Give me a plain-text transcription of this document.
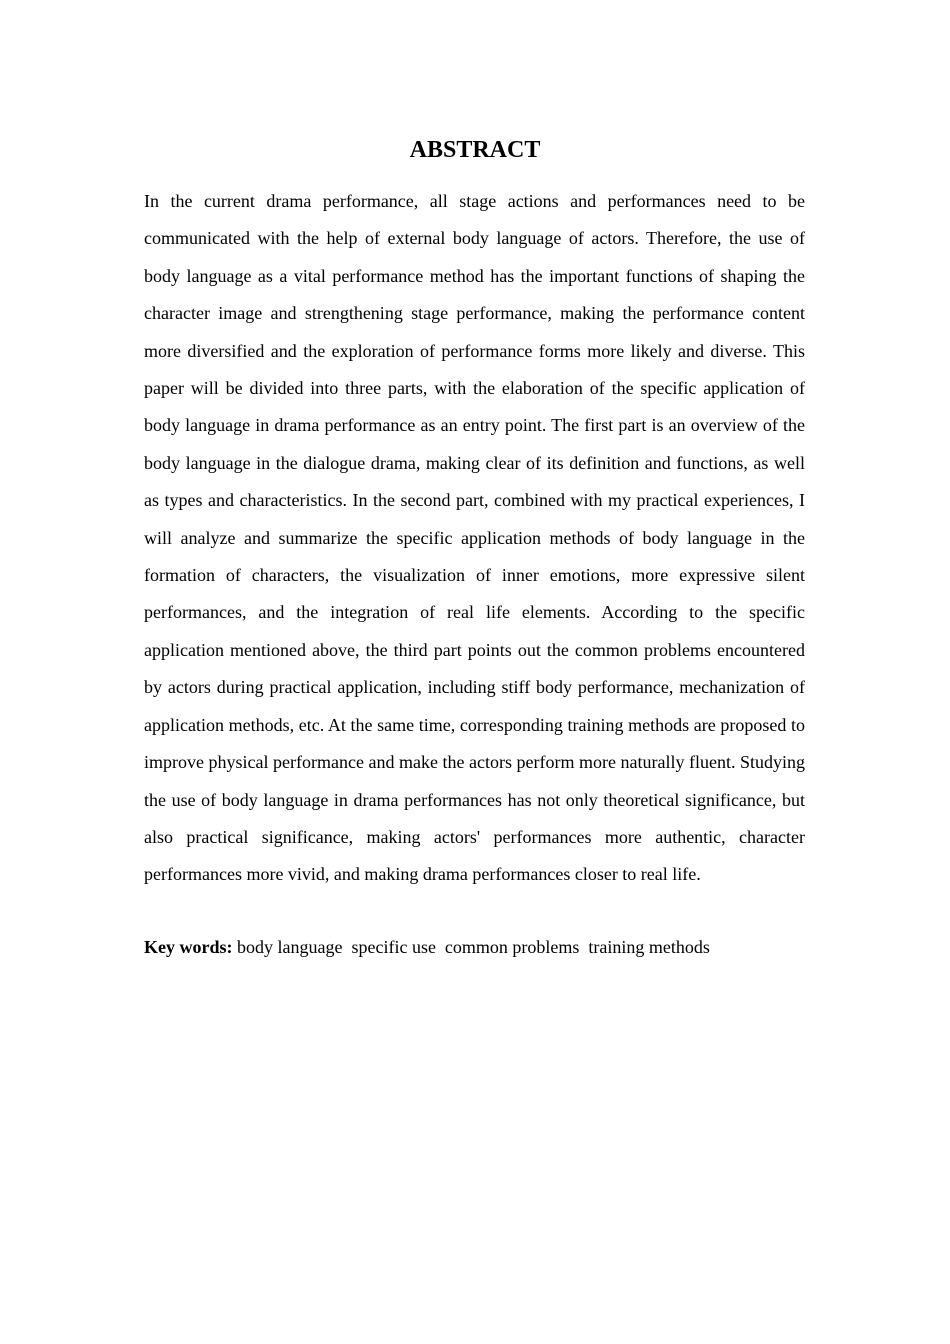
ABSTRACT

In the current drama performance, all stage actions and performances need to be communicated with the help of external body language of actors. Therefore, the use of body language as a vital performance method has the important functions of shaping the character image and strengthening stage performance, making the performance content more diversified and the exploration of performance forms more likely and diverse. This paper will be divided into three parts, with the elaboration of the specific application of body language in drama performance as an entry point. The first part is an overview of the body language in the dialogue drama, making clear of its definition and functions, as well as types and characteristics. In the second part, combined with my practical experiences, I will analyze and summarize the specific application methods of body language in the formation of characters, the visualization of inner emotions, more expressive silent performances, and the integration of real life elements. According to the specific application mentioned above, the third part points out the common problems encountered by actors during practical application, including stiff body performance, mechanization of application methods, etc. At the same time, corresponding training methods are proposed to improve physical performance and make the actors perform more naturally fluent. Studying the use of body language in drama performances has not only theoretical significance, but also practical significance, making actors' performances more authentic, character performances more vivid, and making drama performances closer to real life.

Key words: body language  specific use  common problems  training methods
